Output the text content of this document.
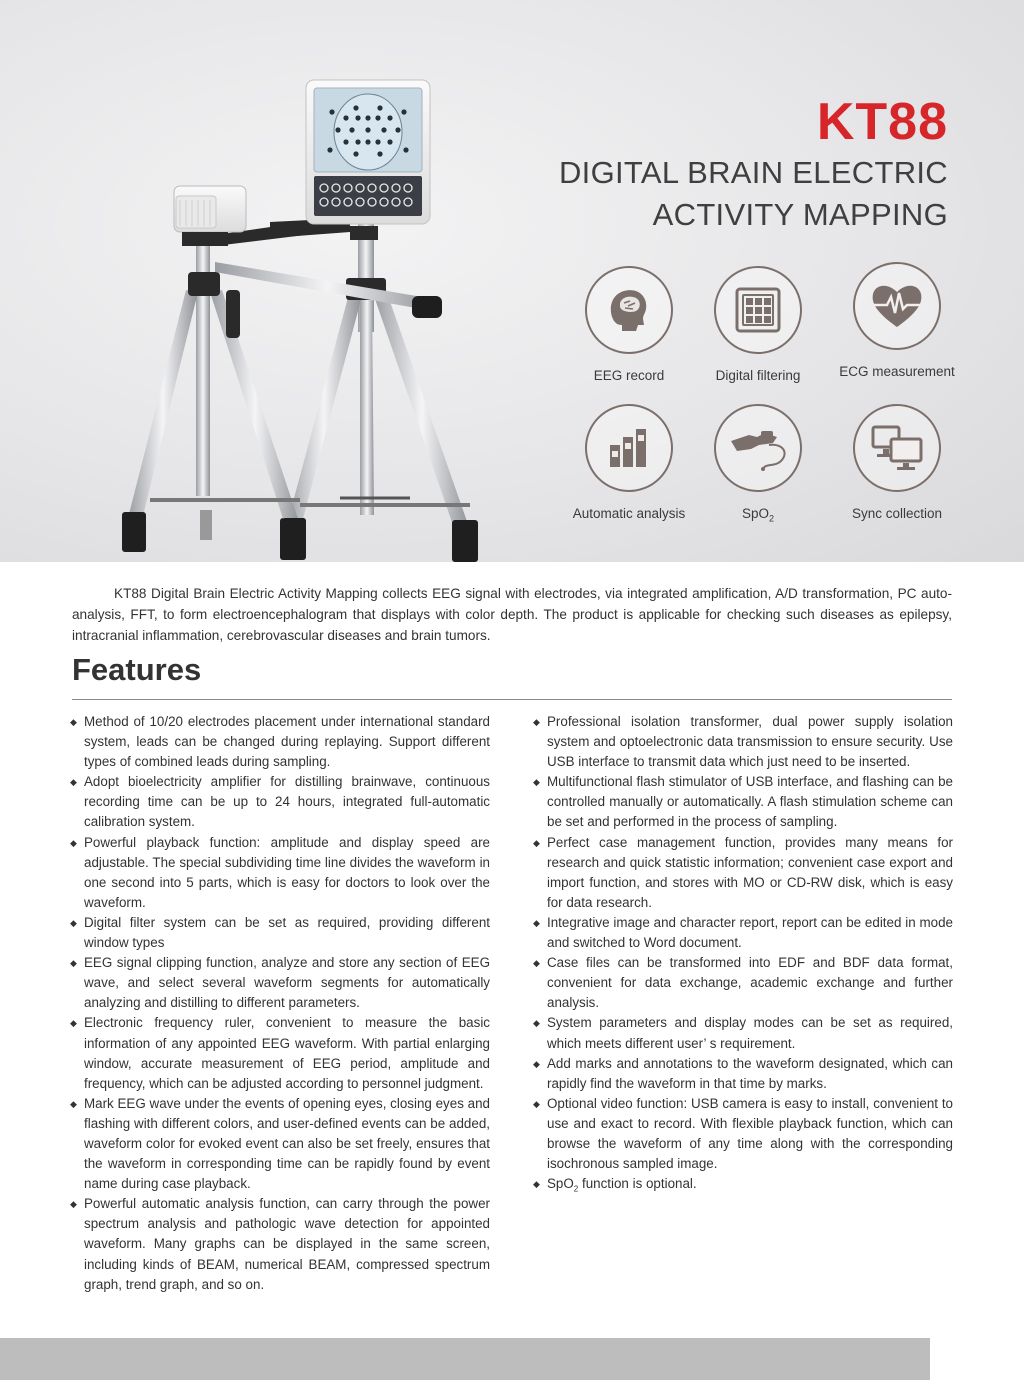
KT88
DIGITAL BRAIN ELECTRIC
ACTIVITY MAPPING
EEG record	Digital filtering	ECG measurement
Automatic analysis	SpO$_2$	Sync collection

KT88 Digital Brain Electric Activity Mapping collects EEG signal with electrodes, via integrated amplification, A/D transformation, PC auto-analysis, FFT, to form electroencephalogram that displays with color depth. The product is applicable for checking such diseases as epilepsy, intracranial inflammation, cerebrovascular diseases and brain tumors.

Features
◆ Method of 10/20 electrodes placement under international standard system, leads can be changed during replaying. Support different types of combined leads during sampling.
◆ Adopt bioelectricity amplifier for distilling brainwave, continuous recording time can be up to 24 hours, integrated full-automatic calibration system.
◆ Powerful playback function: amplitude and display speed are adjustable. The special subdividing time line divides the waveform in one second into 5 parts, which is easy for doctors to look over the waveform.
◆ Digital filter system can be set as required, providing different window types
◆ EEG signal clipping function, analyze and store any section of EEG wave, and select several waveform segments for automatically analyzing and distilling to different parameters.
◆ Electronic frequency ruler, convenient to measure the basic information of any appointed EEG waveform. With partial enlarging window, accurate measurement of EEG period, amplitude and frequency, which can be adjusted according to personnel judgment.
◆ Mark EEG wave under the events of opening eyes, closing eyes and flashing with different colors, and user-defined events can be added, waveform color for evoked event can also be set freely, ensures that the waveform in corresponding time can be rapidly found by event name during case playback.
◆ Powerful automatic analysis function, can carry through the power spectrum analysis and pathologic wave detection for appointed waveform. Many graphs can be displayed in the same screen, including kinds of BEAM, numerical BEAM, compressed spectrum graph, trend graph, and so on.
◆ Professional isolation transformer, dual power supply isolation system and optoelectronic data transmission to ensure security. Use USB interface to transmit data which just need to be inserted.
◆ Multifunctional flash stimulator of USB interface, and flashing can be controlled manually or automatically. A flash stimulation scheme can be set and performed in the process of sampling.
◆ Perfect case management function, provides many means for research and quick statistic information; convenient case export and import function, and stores with MO or CD-RW disk, which is easy for data research.
◆ Integrative image and character report, report can be edited in mode and switched to Word document.
◆ Case files can be transformed into EDF and BDF data format, convenient for data exchange, academic exchange and further analysis.
◆ System parameters and display modes can be set as required, which meets different user’ s requirement.
◆ Add marks and annotations to the waveform designated, which can rapidly find the waveform in that time by marks.
◆ Optional video function: USB camera is easy to install, convenient to use and exact to record. With flexible playback function, which can browse the waveform of any time along with the corresponding isochronous sampled image.
◆ SpO$_2$ function is optional.
